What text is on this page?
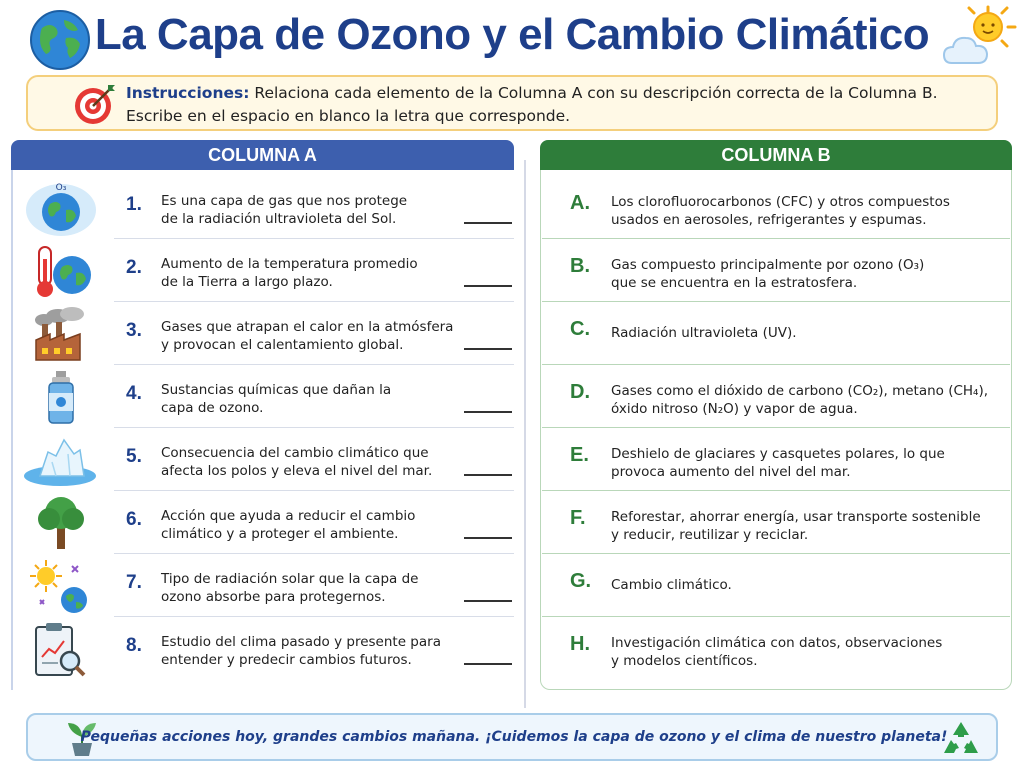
La Capa de Ozono y el Cambio Climático
Instrucciones: Relaciona cada elemento de la Columna A con su descripción correcta de la Columna B.
Escribe en el espacio en blanco la letra que corresponde.
COLUMNA A	COLUMNA B
O₃
1. Es una capa de gas que nos protege
de la radiación ultravioleta del Sol.
2. Aumento de la temperatura promedio
de la Tierra a largo plazo.
3. Gases que atrapan el calor en la atmósfera
y provocan el calentamiento global.
4. Sustancias químicas que dañan la
capa de ozono.
5. Consecuencia del cambio climático que
afecta los polos y eleva el nivel del mar.
6. Acción que ayuda a reducir el cambio
climático y a proteger el ambiente.
7. Tipo de radiación solar que la capa de
ozono absorbe para protegernos.
8. Estudio del clima pasado y presente para
entender y predecir cambios futuros.
A. Los clorofluorocarbonos (CFC) y otros compuestos
usados en aerosoles, refrigerantes y espumas.
B. Gas compuesto principalmente por ozono (O₃)
que se encuentra en la estratosfera.
C. Radiación ultravioleta (UV).
D. Gases como el dióxido de carbono (CO₂), metano (CH₄),
óxido nitroso (N₂O) y vapor de agua.
E. Deshielo de glaciares y casquetes polares, lo que
provoca aumento del nivel del mar.
F. Reforestar, ahorrar energía, usar transporte sostenible
y reducir, reutilizar y reciclar.
G. Cambio climático.
H. Investigación climática con datos, observaciones
y modelos científicos.
Pequeñas acciones hoy, grandes cambios mañana. ¡Cuidemos la capa de ozono y el clima de nuestro planeta!
